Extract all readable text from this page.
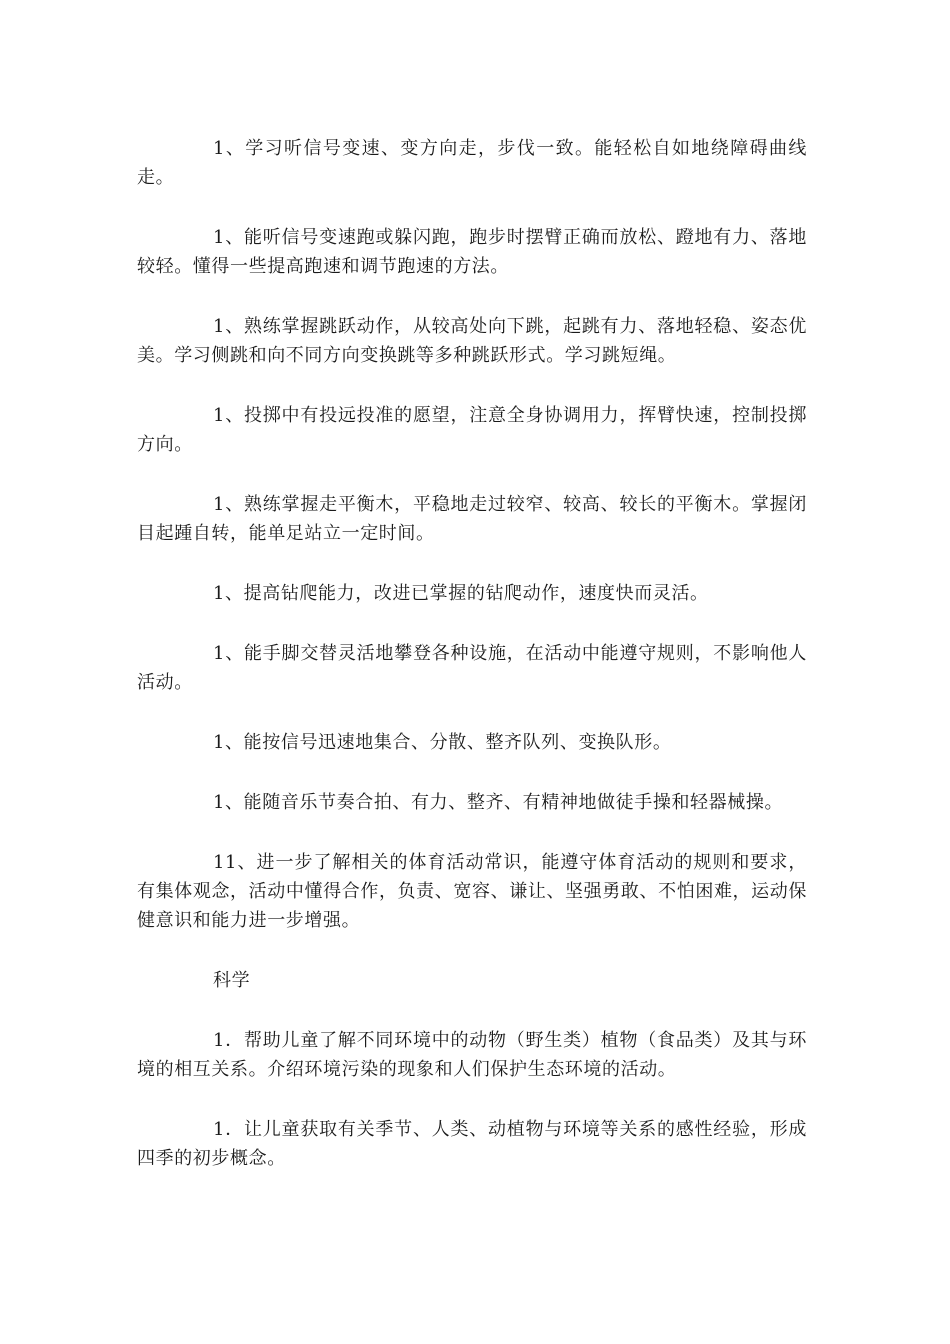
1、学习听信号变速、变方向走，步伐一致。能轻松自如地绕障碍曲线走。

1、能听信号变速跑或躲闪跑，跑步时摆臂正确而放松、蹬地有力、落地较轻。懂得一些提高跑速和调节跑速的方法。

1、熟练掌握跳跃动作，从较高处向下跳，起跳有力、落地轻稳、姿态优美。学习侧跳和向不同方向变换跳等多种跳跃形式。学习跳短绳。

1、投掷中有投远投准的愿望，注意全身协调用力，挥臂快速，控制投掷方向。

1、熟练掌握走平衡木，平稳地走过较窄、较高、较长的平衡木。掌握闭目起踵自转，能单足站立一定时间。

1、提高钻爬能力，改进已掌握的钻爬动作，速度快而灵活。

1、能手脚交替灵活地攀登各种设施，在活动中能遵守规则，不影响他人活动。

1、能按信号迅速地集合、分散、整齐队列、变换队形。

1、能随音乐节奏合拍、有力、整齐、有精神地做徒手操和轻器械操。

11、进一步了解相关的体育活动常识，能遵守体育活动的规则和要求，有集体观念，活动中懂得合作，负责、宽容、谦让、坚强勇敢、不怕困难，运动保健意识和能力进一步增强。

科学

1．帮助儿童了解不同环境中的动物（野生类）植物（食品类）及其与环境的相互关系。介绍环境污染的现象和人们保护生态环境的活动。

1．让儿童获取有关季节、人类、动植物与环境等关系的感性经验，形成四季的初步概念。
